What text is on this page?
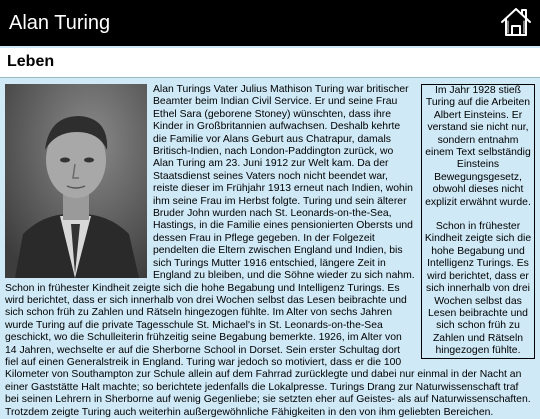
Alan Turing
Leben

Im Jahr 1928 stieß Turing auf die Arbeiten Albert Einsteins. Er verstand sie nicht nur, sondern entnahm einem Text selbständig Einsteins Bewegungsgesetz, obwohl dieses nicht explizit erwähnt wurde.

Schon in frühester Kindheit zeigte sich die hohe Begabung und Intelligenz Turings. Es wird berichtet, dass er sich innerhalb von drei Wochen selbst das Lesen beibrachte und sich schon früh zu Zahlen und Rätseln hingezogen fühlte.

Alan Turings Vater Julius Mathison Turing war britischer Beamter beim Indian Civil Service. Er und seine Frau Ethel Sara (geborene Stoney) wünschten, dass ihre Kinder in Großbritannien aufwachsen. Deshalb kehrte die Familie vor Alans Geburt aus Chatrapur, damals Britisch-Indien, nach London-Paddington zurück, wo Alan Turing am 23. Juni 1912 zur Welt kam. Da der Staatsdienst seines Vaters noch nicht beendet war, reiste dieser im Frühjahr 1913 erneut nach Indien, wohin ihm seine Frau im Herbst folgte. Turing und sein älterer Bruder John wurden nach St. Leonards-on-the-Sea, Hastings, in die Familie eines pensionierten Obersts und dessen Frau in Pflege gegeben. In der Folgezeit pendelten die Eltern zwischen England und Indien, bis sich Turings Mutter 1916 entschied, längere Zeit in England zu bleiben, und die Söhne wieder zu sich nahm. Schon in frühester Kindheit zeigte sich die hohe Begabung und Intelligenz Turings. Es wird berichtet, dass er sich innerhalb von drei Wochen selbst das Lesen beibrachte und sich schon früh zu Zahlen und Rätseln hingezogen fühlte. Im Alter von sechs Jahren wurde Turing auf die private Tagesschule St. Michael's in St. Leonards-on-the-Sea geschickt, wo die Schulleiterin frühzeitig seine Begabung bemerkte. 1926, im Alter von 14 Jahren, wechselte er auf die Sherborne School in Dorset. Sein erster Schultag dort fiel auf einen Generalstreik in England. Turing war jedoch so motiviert, dass er die 100 Kilometer von Southampton zur Schule allein auf dem Fahrrad zurücklegte und dabei nur einmal in der Nacht an einer Gaststätte Halt machte; so berichtete jedenfalls die Lokalpresse. Turings Drang zur Naturwissenschaft traf bei seinen Lehrern in Sherborne auf wenig Gegenliebe; sie setzten eher auf Geistes- als auf Naturwissenschaften. Trotzdem zeigte Turing auch weiterhin außergewöhnliche Fähigkeiten in den von ihm geliebten Bereichen.
